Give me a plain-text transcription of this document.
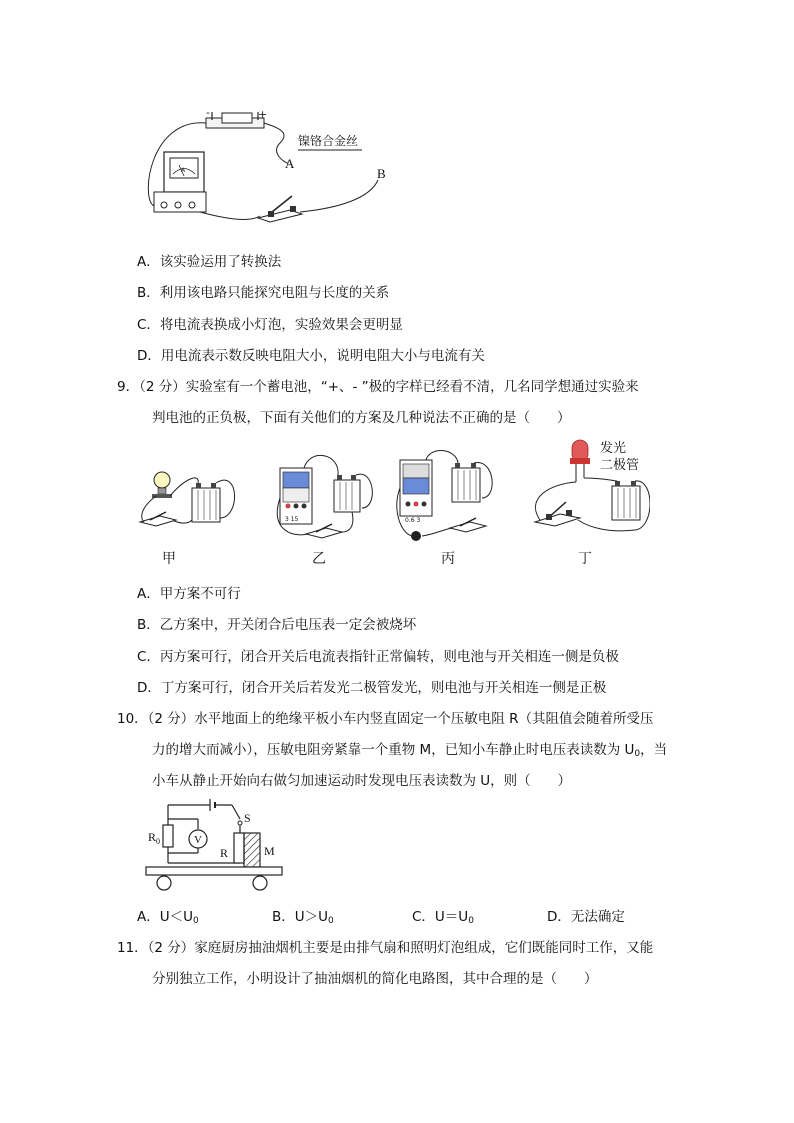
-	+
A
镍铬合金丝
A
B
A．该实验运用了转换法
B．利用该电路只能探究电阻与长度的关系
C．将电流表换成小灯泡，实验效果会更明显
D．用电流表示数反映电阻大小，说明电阻大小与电流有关
9．（2 分）实验室有一个蓄电池，“+、- ”极的字样已经看不清，几名同学想通过实验来
判电池的正负极，下面有关他们的方案及几种说法不正确的是（　　）
3 15	0.6 3
发光
二极管
甲	乙	丙	丁
A．甲方案不可行
B．乙方案中，开关闭合后电压表一定会被烧坏
C．丙方案可行，闭合开关后电流表指针正常偏转，则电池与开关相连一侧是负极
D．丁方案可行，闭合开关后若发光二极管发光，则电池与开关相连一侧是正极
10．（2 分）水平地面上的绝缘平板小车内竖直固定一个压敏电阻 R（其阻值会随着所受压
力的增大而减小），压敏电阻旁紧靠一个重物 M，已知小车静止时电压表读数为 $U_0$，当
小车从静止开始向右做匀加速运动时发现电压表读数为 U，则（　　）
$R_0$	V
R
S
M
A．$U<U_0$	B．$U>U_0$	C．$U=U_0$	D．无法确定
11．（2 分）家庭厨房抽油烟机主要是由排气扇和照明灯泡组成，它们既能同时工作，又能
分别独立工作，小明设计了抽油烟机的简化电路图，其中合理的是（　　）
